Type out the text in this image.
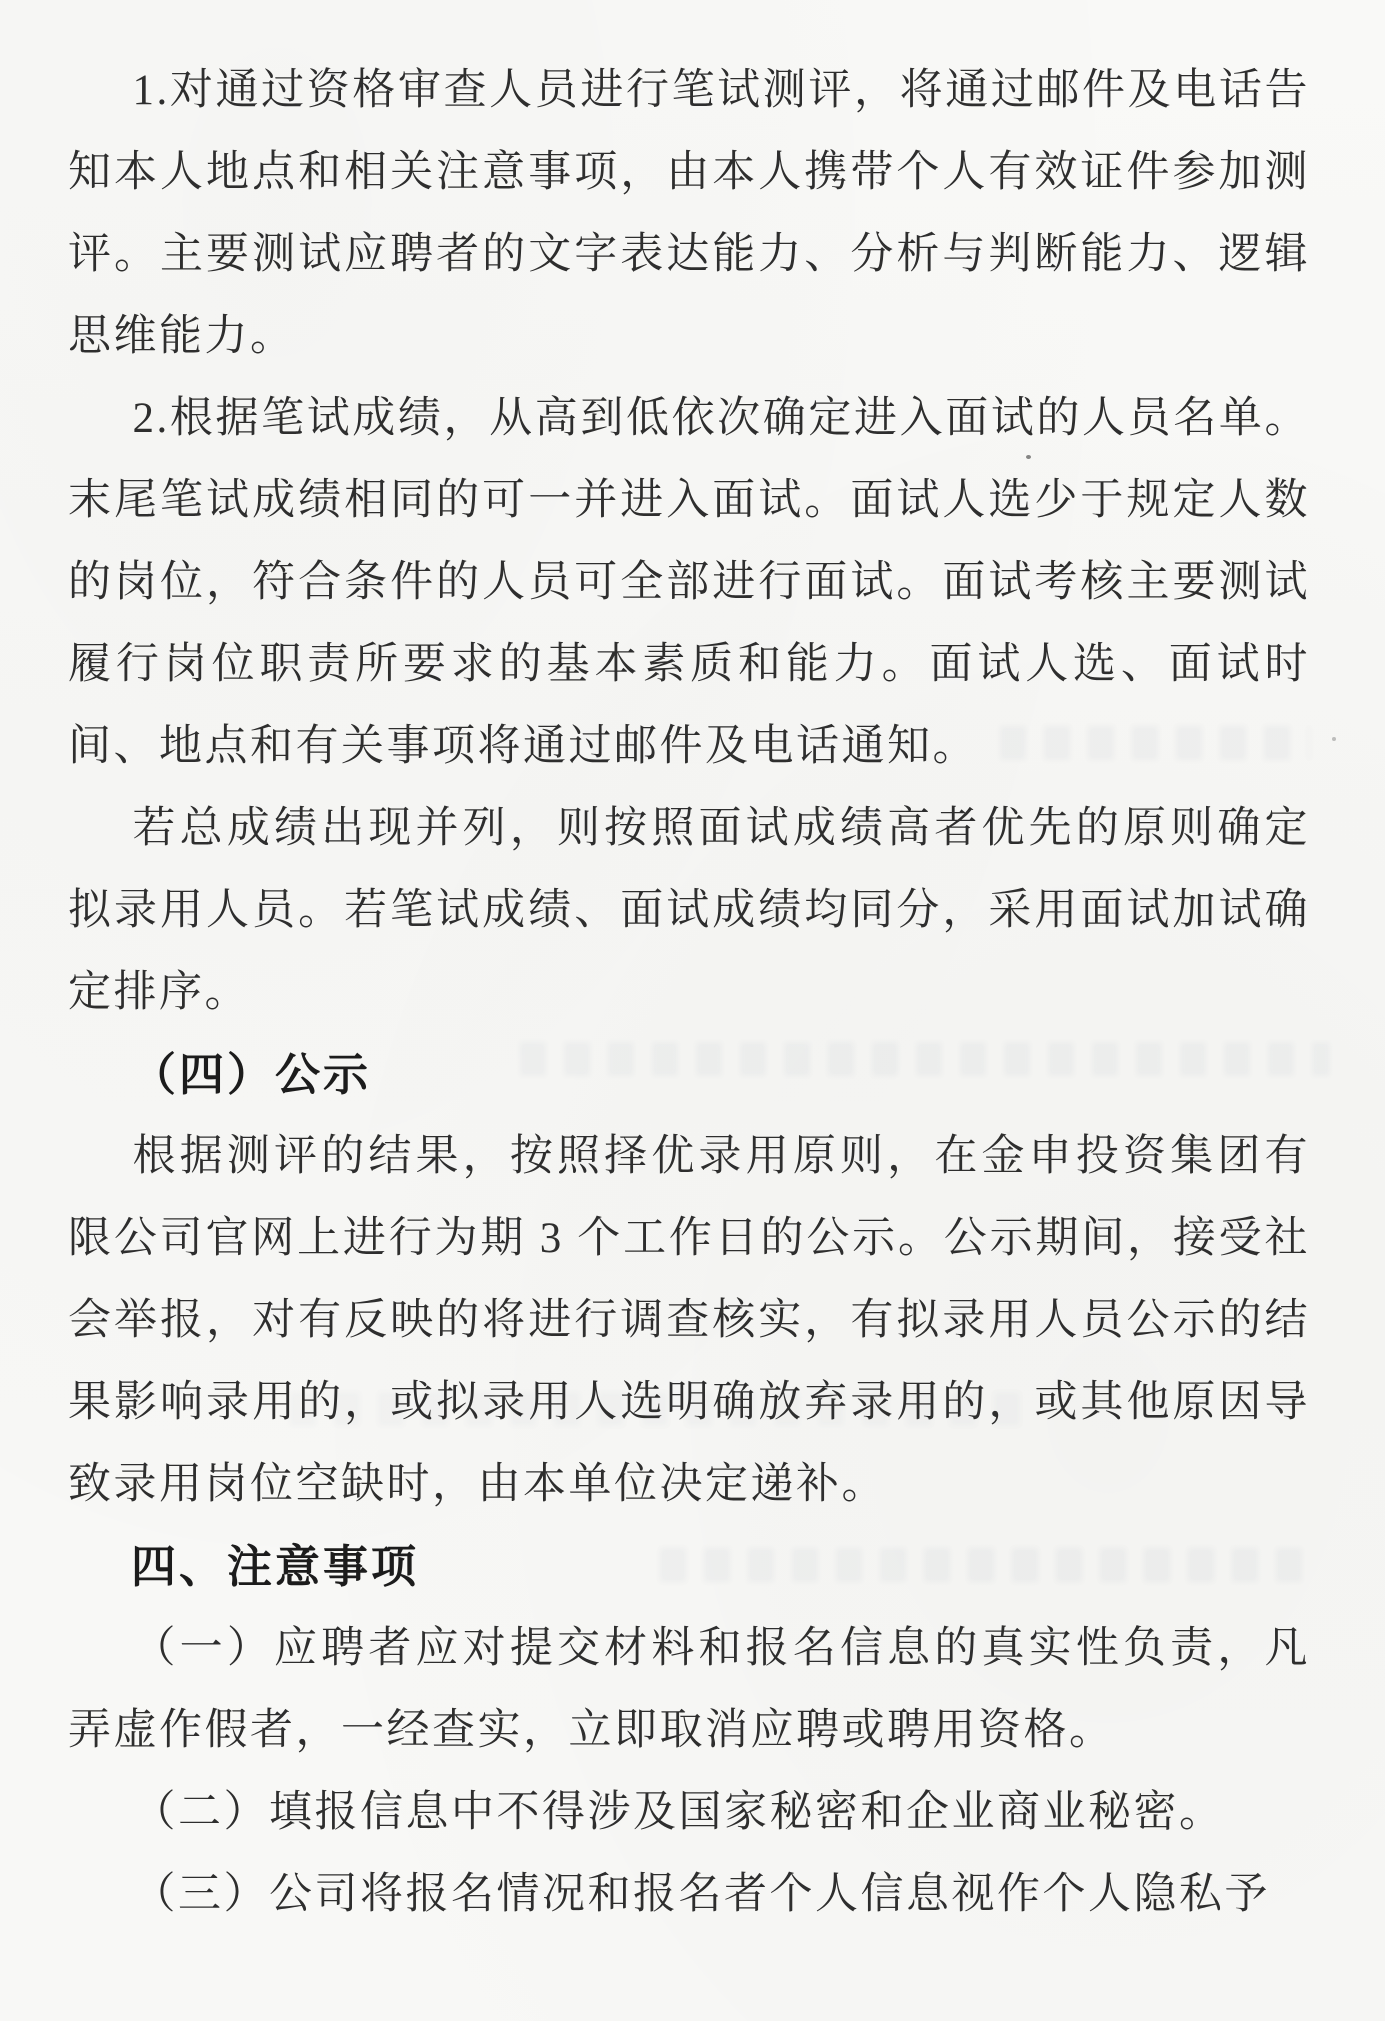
1.对通过资格审查人员进行笔试测评，将通过邮件及电话告知本人地点和相关注意事项，由本人携带个人有效证件参加测评。主要测试应聘者的文字表达能力、分析与判断能力、逻辑思维能力。

2.根据笔试成绩，从高到低依次确定进入面试的人员名单。末尾笔试成绩相同的可一并进入面试。面试人选少于规定人数的岗位，符合条件的人员可全部进行面试。面试考核主要测试履行岗位职责所要求的基本素质和能力。面试人选、面试时间、地点和有关事项将通过邮件及电话通知。

若总成绩出现并列，则按照面试成绩高者优先的原则确定拟录用人员。若笔试成绩、面试成绩均同分，采用面试加试确定排序。

（四）公示

根据测评的结果，按照择优录用原则，在金申投资集团有限公司官网上进行为期 3 个工作日的公示。公示期间，接受社会举报，对有反映的将进行调查核实，有拟录用人员公示的结果影响录用的，或拟录用人选明确放弃录用的，或其他原因导致录用岗位空缺时，由本单位决定递补。

四、注意事项

（一）应聘者应对提交材料和报名信息的真实性负责，凡弄虚作假者，一经查实，立即取消应聘或聘用资格。

（二）填报信息中不得涉及国家秘密和企业商业秘密。

（三）公司将报名情况和报名者个人信息视作个人隐私予
